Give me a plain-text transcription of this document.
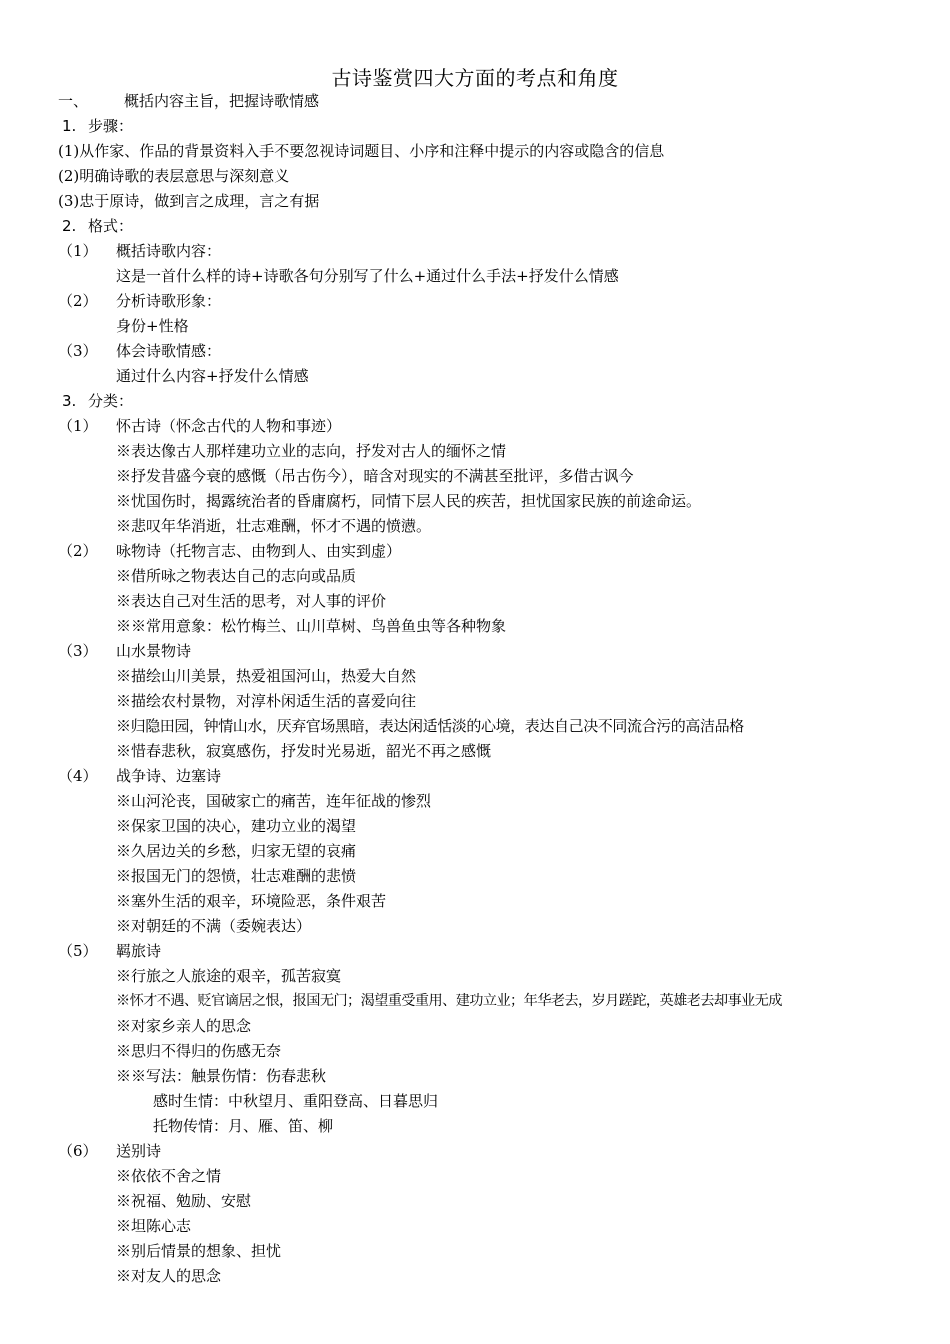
古诗鉴赏四大方面的考点和角度
一、 概括内容主旨，把握诗歌情感
1. 步骤：
(1)从作家、作品的背景资料入手不要忽视诗词题目、小序和注释中提示的内容或隐含的信息
(2)明确诗歌的表层意思与深刻意义
(3)忠于原诗，做到言之成理，言之有据
2. 格式：
（1） 概括诗歌内容：
这是一首什么样的诗+诗歌各句分别写了什么+通过什么手法+抒发什么情感
（2） 分析诗歌形象：
身份+性格
（3） 体会诗歌情感：
通过什么内容+抒发什么情感
3. 分类：
（1） 怀古诗（怀念古代的人物和事迹）
※表达像古人那样建功立业的志向，抒发对古人的缅怀之情
※抒发昔盛今衰的感慨（吊古伤今），暗含对现实的不满甚至批评，多借古讽今
※忧国伤时，揭露统治者的昏庸腐朽，同情下层人民的疾苦，担忧国家民族的前途命运。
※悲叹年华消逝，壮志难酬，怀才不遇的愤懑。
（2） 咏物诗（托物言志、由物到人、由实到虚）
※借所咏之物表达自己的志向或品质
※表达自己对生活的思考，对人事的评价
※※常用意象：松竹梅兰、山川草树、鸟兽鱼虫等各种物象
（3） 山水景物诗
※描绘山川美景，热爱祖国河山，热爱大自然
※描绘农村景物，对淳朴闲适生活的喜爱向往
※归隐田园，钟情山水，厌弃官场黑暗，表达闲适恬淡的心境，表达自己决不同流合污的高洁品格
※惜春悲秋，寂寞感伤，抒发时光易逝，韶光不再之感慨
（4） 战争诗、边塞诗
※山河沦丧，国破家亡的痛苦，连年征战的惨烈
※保家卫国的决心，建功立业的渴望
※久居边关的乡愁，归家无望的哀痛
※报国无门的怨愤，壮志难酬的悲愤
※塞外生活的艰辛，环境险恶，条件艰苦
※对朝廷的不满（委婉表达）
（5） 羁旅诗
※行旅之人旅途的艰辛，孤苦寂寞
※怀才不遇、贬官谪居之恨，报国无门；渴望重受重用、建功立业；年华老去，岁月蹉跎，英雄老去却事业无成
※对家乡亲人的思念
※思归不得归的伤感无奈
※※写法：触景伤情：伤春悲秋
感时生情：中秋望月、重阳登高、日暮思归
托物传情：月、雁、笛、柳
（6） 送别诗
※依依不舍之情
※祝福、勉励、安慰
※坦陈心志
※别后情景的想象、担忧
※对友人的思念
